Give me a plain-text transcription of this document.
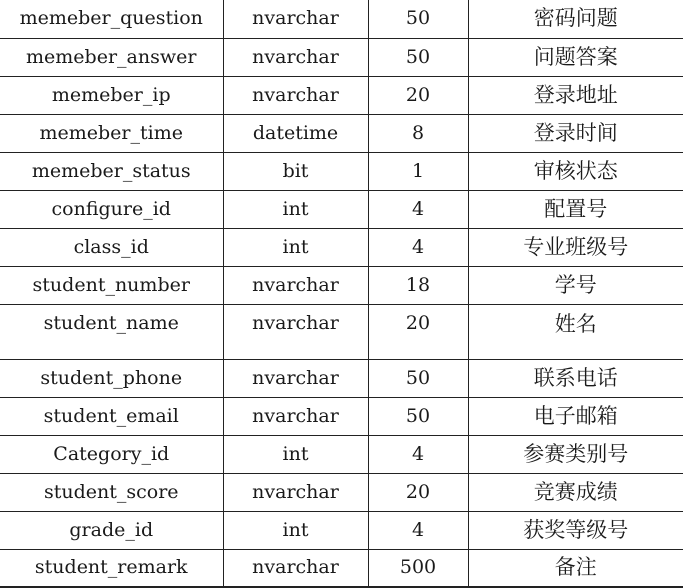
memeber_question	nvarchar	50	密码问题
memeber_answer	nvarchar	50	问题答案
memeber_ip	nvarchar	20	登录地址
memeber_time	datetime	8	登录时间
memeber_status	bit	1	审核状态
configure_id	int	4	配置号
class_id	int	4	专业班级号
student_number	nvarchar	18	学号
student_name	nvarchar	20	姓名
student_phone	nvarchar	50	联系电话
student_email	nvarchar	50	电子邮箱
Category_id	int	4	参赛类别号
student_score	nvarchar	20	竞赛成绩
grade_id	int	4	获奖等级号
student_remark	nvarchar	500	备注
